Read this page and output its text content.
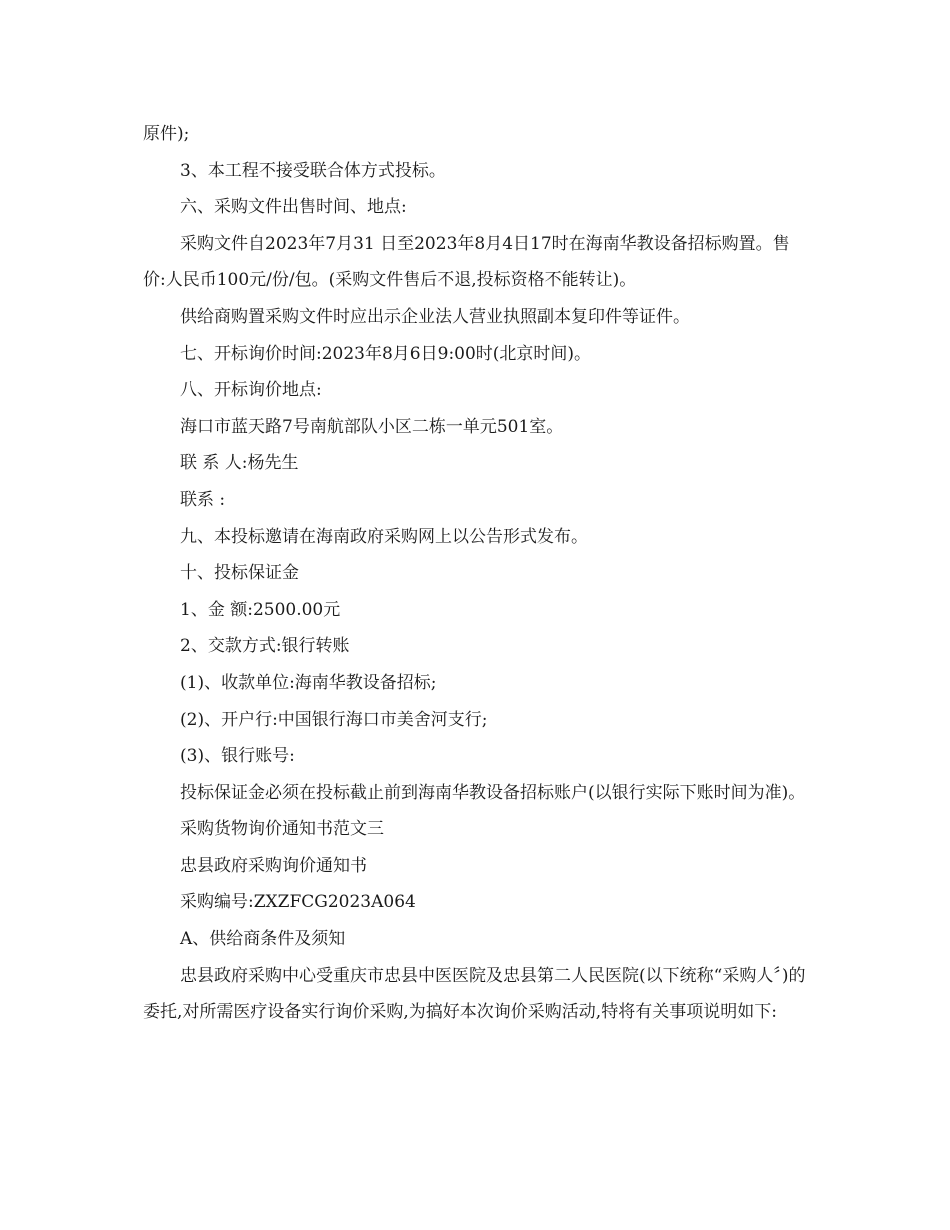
原件);

3、本工程不接受联合体方式投标。

六、采购文件出售时间、地点:

采购文件自2023年7月31 日至2023年8月4日17时在海南华教设备招标购置。售价:人民币100元/份/包。(采购文件售后不退,投标资格不能转让)。

供给商购置采购文件时应出示企业法人营业执照副本复印件等证件。

七、开标询价时间:2023年8月6日9:00时(北京时间)。

八、开标询价地点:

海口市蓝天路7号南航部队小区二栋一单元501室。

联 系 人:杨先生

联系 :

九、本投标邀请在海南政府采购网上以公告形式发布。

十、投标保证金

1、金 额:2500.00元

2、交款方式:银行转账

(1)、收款单位:海南华教设备招标;

(2)、开户行:中国银行海口市美舍河支行;

(3)、银行账号:

投标保证金必须在投标截止前到海南华教设备招标账户(以银行实际下账时间为准)。

采购货物询价通知书范文三

忠县政府采购询价通知书

采购编号:ZXZFCG2023A064

A、供给商条件及须知

忠县政府采购中心受重庆市忠县中医医院及忠县第二人民医院(以下统称“采购人〞)的委托,对所需医疗设备实行询价采购,为搞好本次询价采购活动,特将有关事项说明如下:
